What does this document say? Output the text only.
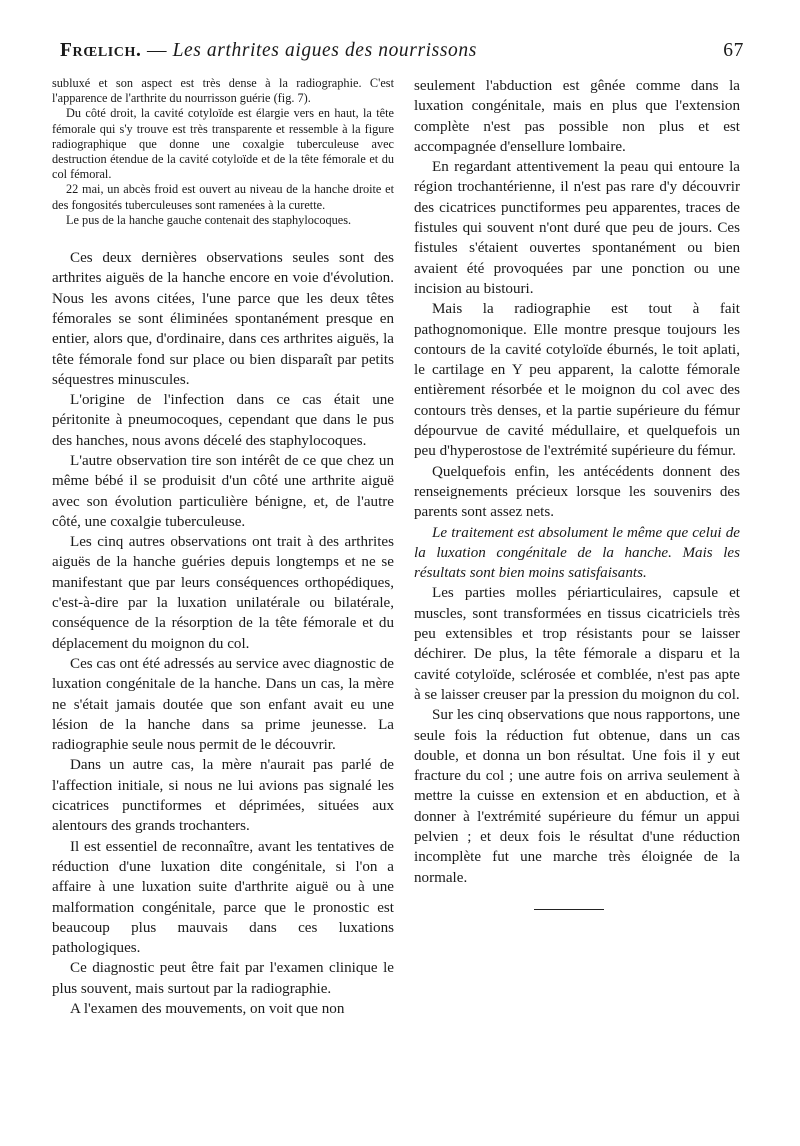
Frœlich. — Les arthrites aigues des nourrissons	67

subluxé et son aspect est très dense à la radiographie. C'est l'apparence de l'arthrite du nourrisson guérie (fig. 7).

Du côté droit, la cavité cotyloïde est élargie vers en haut, la tête fémorale qui s'y trouve est très transparente et ressemble à la figure radiographique que donne une coxalgie tuberculeuse avec destruction étendue de la cavité cotyloïde et de la tête fémorale et du col fémoral.

22 mai, un abcès froid est ouvert au niveau de la hanche droite et des fongosités tuberculeuses sont ramenées à la curette.

Le pus de la hanche gauche contenait des staphylocoques.

Ces deux dernières observations seules sont des arthrites aiguës de la hanche encore en voie d'évolution. Nous les avons citées, l'une parce que les deux têtes fémorales se sont éliminées spontanément presque en entier, alors que, d'ordinaire, dans ces arthrites aiguës, la tête fémorale fond sur place ou bien disparaît par petits séquestres minuscules.

L'origine de l'infection dans ce cas était une péritonite à pneumocoques, cependant que dans le pus des hanches, nous avons décelé des staphylocoques.

L'autre observation tire son intérêt de ce que chez un même bébé il se produisit d'un côté une arthrite aiguë avec son évolution particulière bénigne, et, de l'autre côté, une coxalgie tuberculeuse.

Les cinq autres observations ont trait à des arthrites aiguës de la hanche guéries depuis longtemps et ne se manifestant que par leurs conséquences orthopédiques, c'est-à-dire par la luxation unilatérale ou bilatérale, conséquence de la résorption de la tête fémorale et du déplacement du moignon du col.

Ces cas ont été adressés au service avec diagnostic de luxation congénitale de la hanche. Dans un cas, la mère ne s'était jamais doutée que son enfant avait eu une lésion de la hanche dans sa prime jeunesse. La radiographie seule nous permit de le découvrir.

Dans un autre cas, la mère n'aurait pas parlé de l'affection initiale, si nous ne lui avions pas signalé les cicatrices punctiformes et déprimées, situées aux alentours des grands trochanters.

Il est essentiel de reconnaître, avant les tentatives de réduction d'une luxation dite congénitale, si l'on a affaire à une luxation suite d'arthrite aiguë ou à une malformation congénitale, parce que le pronostic est beaucoup plus mauvais dans ces luxations pathologiques.

Ce diagnostic peut être fait par l'examen clinique le plus souvent, mais surtout par la radiographie.

A l'examen des mouvements, on voit que non

seulement l'abduction est gênée comme dans la luxation congénitale, mais en plus que l'extension complète n'est pas possible non plus et est accompagnée d'ensellure lombaire.

En regardant attentivement la peau qui entoure la région trochantérienne, il n'est pas rare d'y découvrir des cicatrices punctiformes peu apparentes, traces de fistules qui souvent n'ont duré que peu de jours. Ces fistules s'étaient ouvertes spontanément ou bien avaient été provoquées par une ponction ou une incision au bistouri.

Mais la radiographie est tout à fait pathognomonique. Elle montre presque toujours les contours de la cavité cotyloïde éburnés, le toit aplati, le cartilage en Y peu apparent, la calotte fémorale entièrement résorbée et le moignon du col avec des contours très denses, et la partie supérieure du fémur dépourvue de cavité médullaire, et quelquefois un peu d'hyperostose de l'extrémité supérieure du fémur.

Quelquefois enfin, les antécédents donnent des renseignements précieux lorsque les souvenirs des parents sont assez nets.

Le traitement est absolument le même que celui de la luxation congénitale de la hanche. Mais les résultats sont bien moins satisfaisants.

Les parties molles périarticulaires, capsule et muscles, sont transformées en tissus cicatriciels très peu extensibles et trop résistants pour se laisser déchirer. De plus, la tête fémorale a disparu et la cavité cotyloïde, sclérosée et comblée, n'est pas apte à se laisser creuser par la pression du moignon du col.

Sur les cinq observations que nous rapportons, une seule fois la réduction fut obtenue, dans un cas double, et donna un bon résultat. Une fois il y eut fracture du col ; une autre fois on arriva seulement à mettre la cuisse en extension et en abduction, et à donner à l'extrémité supérieure du fémur un appui pelvien ; et deux fois le résultat d'une réduction incomplète fut une marche très éloignée de la normale.
